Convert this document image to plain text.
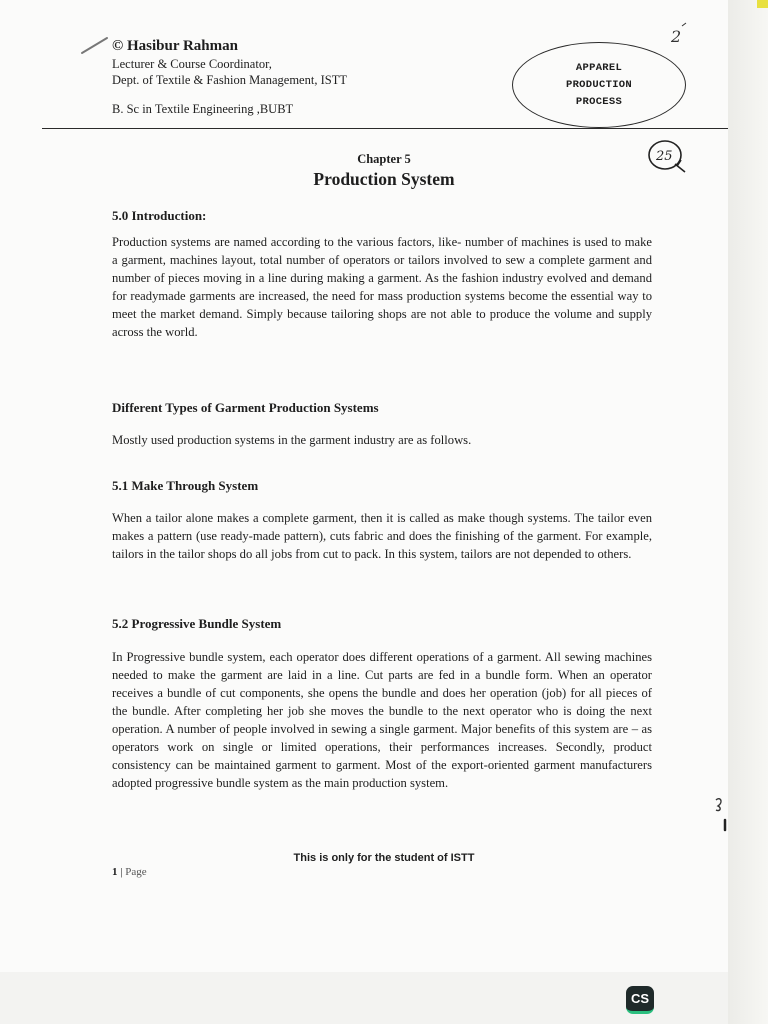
© Hasibur Rahman

Lecturer & Course Coordinator,

Dept. of Textile & Fashion Management, ISTT

B. Sc in Textile Engineering ,BUBT

APPAREL
PRODUCTION
PROCESS
2
25
Chapter 5
Production System

5.0 Introduction:

Production systems are named according to the various factors, like- number of machines is used to make a garment, machines layout, total number of operators or tailors involved to sew a complete garment and number of pieces moving in a line during making a garment. As the fashion industry evolved and demand for readymade garments are increased, the need for mass production systems become the essential way to meet the market demand. Simply because tailoring shops are not able to produce the volume and supply across the world.

Different Types of Garment Production Systems

Mostly used production systems in the garment industry are as follows.

5.1 Make Through System

When a tailor alone makes a complete garment, then it is called as make though systems. The tailor even makes a pattern (use ready-made pattern), cuts fabric and does the finishing of the garment. For example, tailors in the tailor shops do all jobs from cut to pack. In this system, tailors are not depended to others.

5.2 Progressive Bundle System

In Progressive bundle system, each operator does different operations of a garment. All sewing machines needed to make the garment are laid in a line. Cut parts are fed in a bundle form. When an operator receives a bundle of cut components, she opens the bundle and does her operation (job) for all pieces of the bundle. After completing her job she moves the bundle to the next operator who is doing the next operation. A number of people involved in sewing a single garment. Major benefits of this system are – as operators work on single or limited operations, their performances increases. Secondly, product consistency can be maintained garment to garment. Most of the export-oriented garment manufacturers adopted progressive bundle system as the main production system.

This is only for the student of ISTT
1 | Page
CS
